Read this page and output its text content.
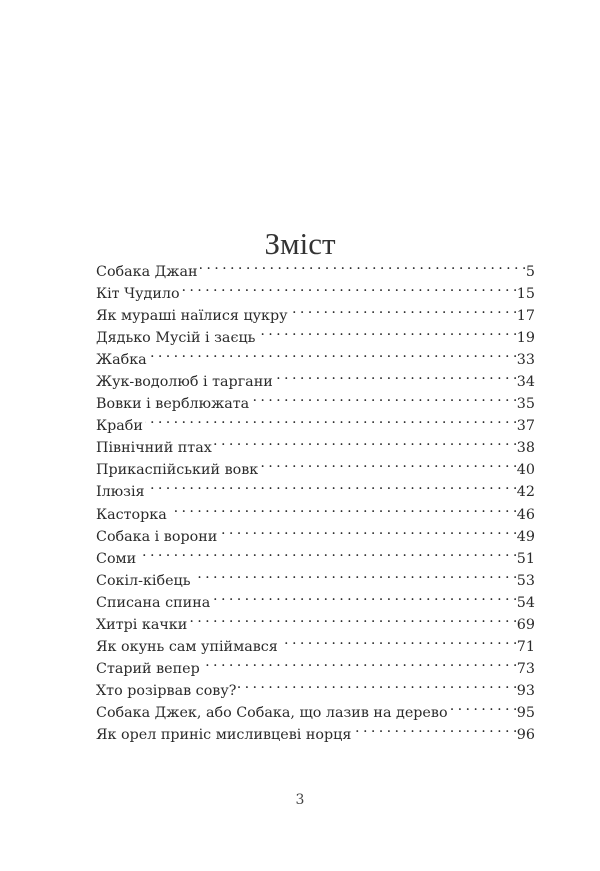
Зміст
Собака Джан . . .	5
Кіт Чудило . . .	15
Як мураші наїлися цукру . . .	17
Дядько Мусій і заєць . . .	19
Жабка . . .	33
Жук-водолюб і таргани . . .	34
Вовки і верблюжата . . .	35
Краби . . .	37
Північний птах . . .	38
Прикаспійський вовк . . .	40
Ілюзія . . .	42
Касторка . . .	46
Собака і ворони . . .	49
Соми . . .	51
Сокіл-кібець . . .	53
Списана спина . . .	54
Хитрі качки . . .	69
Як окунь сам упіймався . . .	71
Старий вепер . . .	73
Хто розірвав сову? . . .	93
Собака Джек, або Собака, що лазив на дерево . . .	95
Як орел приніс мисливцеві норця . . .	96
3
